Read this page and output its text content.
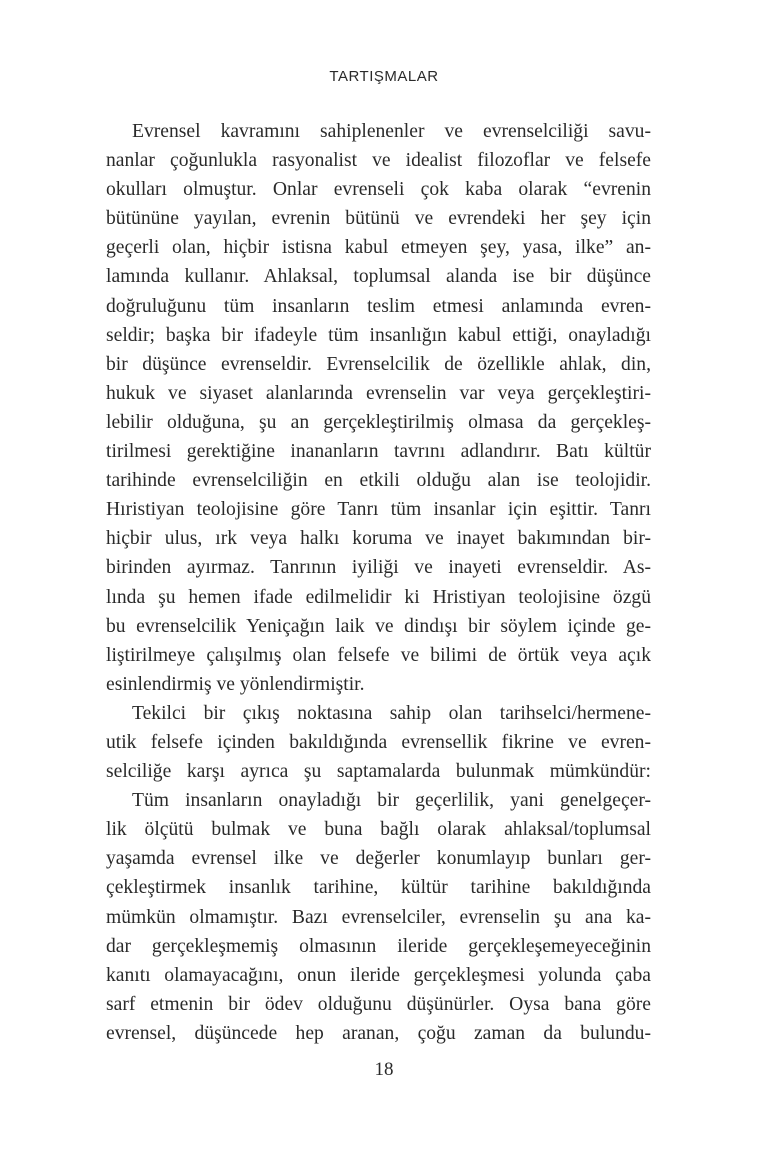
TARTIŞMALAR
Evrensel kavramını sahiplenenler ve evrenselciliği savu-
nanlar çoğunlukla rasyonalist ve idealist filozoflar ve felsefe
okulları olmuştur. Onlar evrenseli çok kaba olarak “evrenin
bütününe yayılan, evrenin bütünü ve evrendeki her şey için
geçerli olan, hiçbir istisna kabul etmeyen şey, yasa, ilke” an-
lamında kullanır. Ahlaksal, toplumsal alanda ise bir düşünce
doğruluğunu tüm insanların teslim etmesi anlamında evren-
seldir; başka bir ifadeyle tüm insanlığın kabul ettiği, onayladığı
bir düşünce evrenseldir. Evrenselcilik de özellikle ahlak, din,
hukuk ve siyaset alanlarında evrenselin var veya gerçekleştiri-
lebilir olduğuna, şu an gerçekleştirilmiş olmasa da gerçekleş-
tirilmesi gerektiğine inananların tavrını adlandırır. Batı kültür
tarihinde evrenselciliğin en etkili olduğu alan ise teolojidir.
Hıristiyan teolojisine göre Tanrı tüm insanlar için eşittir. Tanrı
hiçbir ulus, ırk veya halkı koruma ve inayet bakımından bir-
birinden ayırmaz. Tanrının iyiliği ve inayeti evrenseldir. As-
lında şu hemen ifade edilmelidir ki Hristiyan teolojisine özgü
bu evrenselcilik Yeniçağın laik ve dindışı bir söylem içinde ge-
liştirilmeye çalışılmış olan felsefe ve bilimi de örtük veya açık
esinlendirmiş ve yönlendirmiştir.
Tekilci bir çıkış noktasına sahip olan tarihselci/hermene-
utik felsefe içinden bakıldığında evrensellik fikrine ve evren-
selciliğe karşı ayrıca şu saptamalarda bulunmak mümkündür:
Tüm insanların onayladığı bir geçerlilik, yani genelgeçer-
lik ölçütü bulmak ve buna bağlı olarak ahlaksal/toplumsal
yaşamda evrensel ilke ve değerler konumlayıp bunları ger-
çekleştirmek insanlık tarihine, kültür tarihine bakıldığında
mümkün olmamıştır. Bazı evrenselciler, evrenselin şu ana ka-
dar gerçekleşmemiş olmasının ileride gerçekleşemeyeceğinin
kanıtı olamayacağını, onun ileride gerçekleşmesi yolunda çaba
sarf etmenin bir ödev olduğunu düşünürler. Oysa bana göre
evrensel, düşüncede hep aranan, çoğu zaman da bulundu-
18
